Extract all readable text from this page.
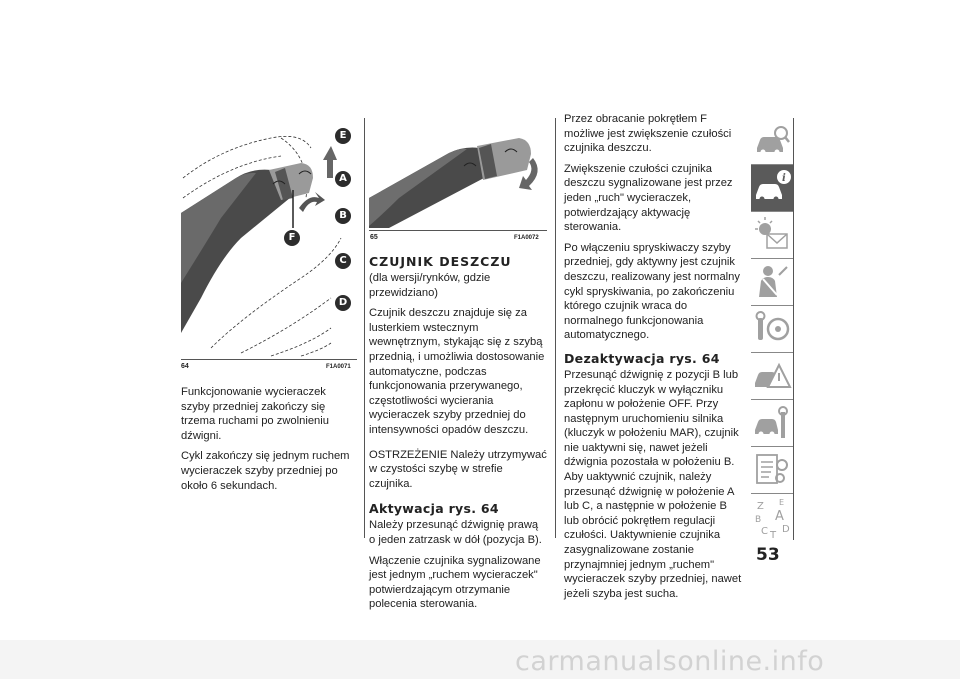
E
A
B
F
C
D
64	F1A0071

Funkcjonowanie wycieraczek szyby przedniej zakończy się trzema ruchami po zwolnieniu dźwigni.

Cykl zakończy się jednym ruchem wycieraczek szyby przedniej po około 6 sekundach.

65	F1A0072
CZUJNIK DESZCZU

(dla wersji/rynków, gdzie przewidziano)

Czujnik deszczu znajduje się za lusterkiem wstecznym wewnętrznym, stykając się z szybą przednią, i umożliwia dostosowanie automatyczne, podczas funkcjonowania przerywanego, częstotliwości wycierania wycieraczek szyby przedniej do intensywności opadów deszczu.

OSTRZEŻENIE Należy utrzymywać w czystości szybę w strefie czujnika.

Aktywacja rys. 64

Należy przesunąć dźwignię prawą o jeden zatrzask w dół (pozycja B).

Włączenie czujnika sygnalizowane jest jednym „ruchem wycieraczek" potwierdzającym otrzymanie polecenia sterowania.

Przez obracanie pokrętłem F możliwe jest zwiększenie czułości czujnika deszczu.

Zwiększenie czułości czujnika deszczu sygnalizowane jest przez jeden „ruch" wycieraczek, potwierdzający aktywację sterowania.

Po włączeniu spryskiwaczy szyby przedniej, gdy aktywny jest czujnik deszczu, realizowany jest normalny cykl spryskiwania, po zakończeniu którego czujnik wraca do normalnego funkcjonowania automatycznego.

Dezaktywacja rys. 64

Przesunąć dźwignię z pozycji B lub przekręcić kluczyk w wyłączniku zapłonu w położenie OFF. Przy następnym uruchomieniu silnika (kluczyk w położeniu MAR), czujnik nie uaktywni się, nawet jeżeli dźwignia pozostała w położeniu B. Aby uaktywnić czujnik, należy przesunąć dźwignię w położenie A lub C, a następnie w położenie B lub obrócić pokrętłem regulacji czułości. Uaktywnienie czujnika zasygnalizowane zostanie przynajmniej jednym „ruchem" wycieraczek szyby przedniej, nawet jeżeli szyba jest sucha.

i
Z E
B A
C T
D
53
carmanualsonline.info
